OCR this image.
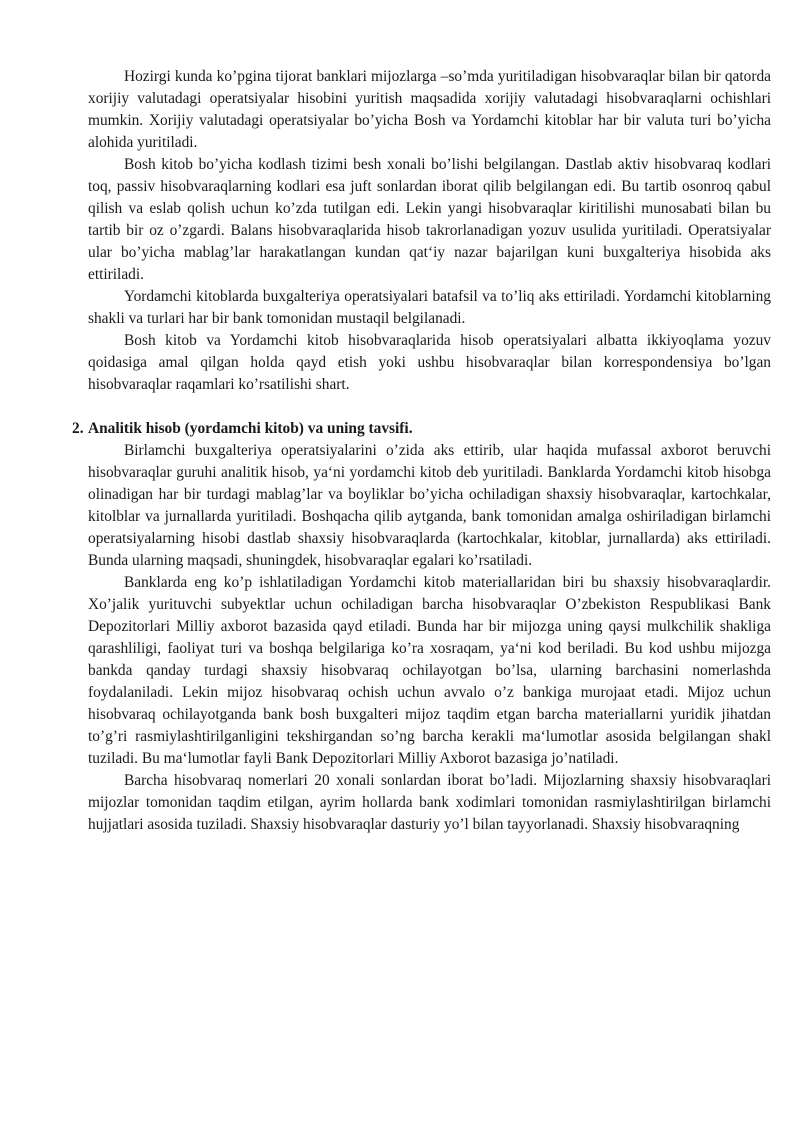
Hozirgi kunda ko’pgina tijorat banklari mijozlarga –so’mda yuritiladigan hisobvaraqlar bilan bir qatorda xorijiy valutadagi operatsiyalar hisobini yuritish maqsadida xorijiy valutadagi hisobvaraqlarni ochishlari mumkin. Xorijiy valutadagi operatsiyalar bo’yicha Bosh va Yordamchi kitoblar har bir valuta turi bo’yicha alohida yuritiladi.

Bosh kitob bo’yicha kodlash tizimi besh xonali bo’lishi belgilangan. Dastlab aktiv hisobvaraq kodlari toq, passiv hisobvaraqlarning kodlari esa juft sonlardan iborat qilib belgilangan edi. Bu tartib osonroq qabul qilish va eslab qolish uchun ko’zda tutilgan edi. Lekin yangi hisobvaraqlar kiritilishi munosabati bilan bu tartib bir oz o’zgardi. Balans hisobvaraqlarida hisob takrorlanadigan yozuv usulida yuritiladi. Operatsiyalar ular bo’yicha mablag’lar harakatlangan kundan qat‘iy nazar bajarilgan kuni buxgalteriya hisobida aks ettiriladi.

Yordamchi kitoblarda buxgalteriya operatsiyalari batafsil va to’liq aks ettiriladi. Yordamchi kitoblarning shakli va turlari har bir bank tomonidan mustaqil belgilanadi.

Bosh kitob va Yordamchi kitob hisobvaraqlarida hisob operatsiyalari albatta ikkiyoqlama yozuv qoidasiga amal qilgan holda qayd etish yoki ushbu hisobvaraqlar bilan korrespondensiya bo’lgan hisobvaraqlar raqamlari ko’rsatilishi shart.

2. Analitik hisob (yordamchi kitob) va uning tavsifi.

Birlamchi buxgalteriya operatsiyalarini o’zida aks ettirib, ular haqida mufassal axborot beruvchi hisobvaraqlar guruhi analitik hisob, ya‘ni yordamchi kitob deb yuritiladi. Banklarda Yordamchi kitob hisobga olinadigan har bir turdagi mablag’lar va boyliklar bo’yicha ochiladigan shaxsiy hisobvaraqlar, kartochkalar, kitolblar va jurnallarda yuritiladi. Boshqacha qilib aytganda, bank tomonidan amalga oshiriladigan birlamchi operatsiyalarning hisobi dastlab shaxsiy hisobvaraqlarda (kartochkalar, kitoblar, jurnallarda) aks ettiriladi. Bunda ularning maqsadi, shuningdek, hisobvaraqlar egalari ko’rsatiladi.

Banklarda eng ko’p ishlatiladigan Yordamchi kitob materiallaridan biri bu shaxsiy hisobvaraqlardir. Xo’jalik yurituvchi subyektlar uchun ochiladigan barcha hisobvaraqlar O’zbekiston Respublikasi Bank Depozitorlari Milliy axborot bazasida qayd etiladi. Bunda har bir mijozga uning qaysi mulkchilik shakliga qarashliligi, faoliyat turi va boshqa belgilariga ko’ra xosraqam, ya‘ni kod beriladi. Bu kod ushbu mijozga bankda qanday turdagi shaxsiy hisobvaraq ochilayotgan bo’lsa, ularning barchasini nomerlashda foydalaniladi. Lekin mijoz hisobvaraq ochish uchun avvalo o’z bankiga murojaat etadi. Mijoz uchun hisobvaraq ochilayotganda bank bosh buxgalteri mijoz taqdim etgan barcha materiallarni yuridik jihatdan to’g’ri rasmiylashtirilganligini tekshirgandan so’ng barcha kerakli ma‘lumotlar asosida belgilangan shakl tuziladi. Bu ma‘lumotlar fayli Bank Depozitorlari Milliy Axborot bazasiga jo’natiladi.

Barcha hisobvaraq nomerlari 20 xonali sonlardan iborat bo’ladi. Mijozlarning shaxsiy hisobvaraqlari mijozlar tomonidan taqdim etilgan, ayrim hollarda bank xodimlari tomonidan rasmiylashtirilgan birlamchi hujjatlari asosida tuziladi. Shaxsiy hisobvaraqlar dasturiy yo’l bilan tayyorlanadi. Shaxsiy hisobvaraqning
